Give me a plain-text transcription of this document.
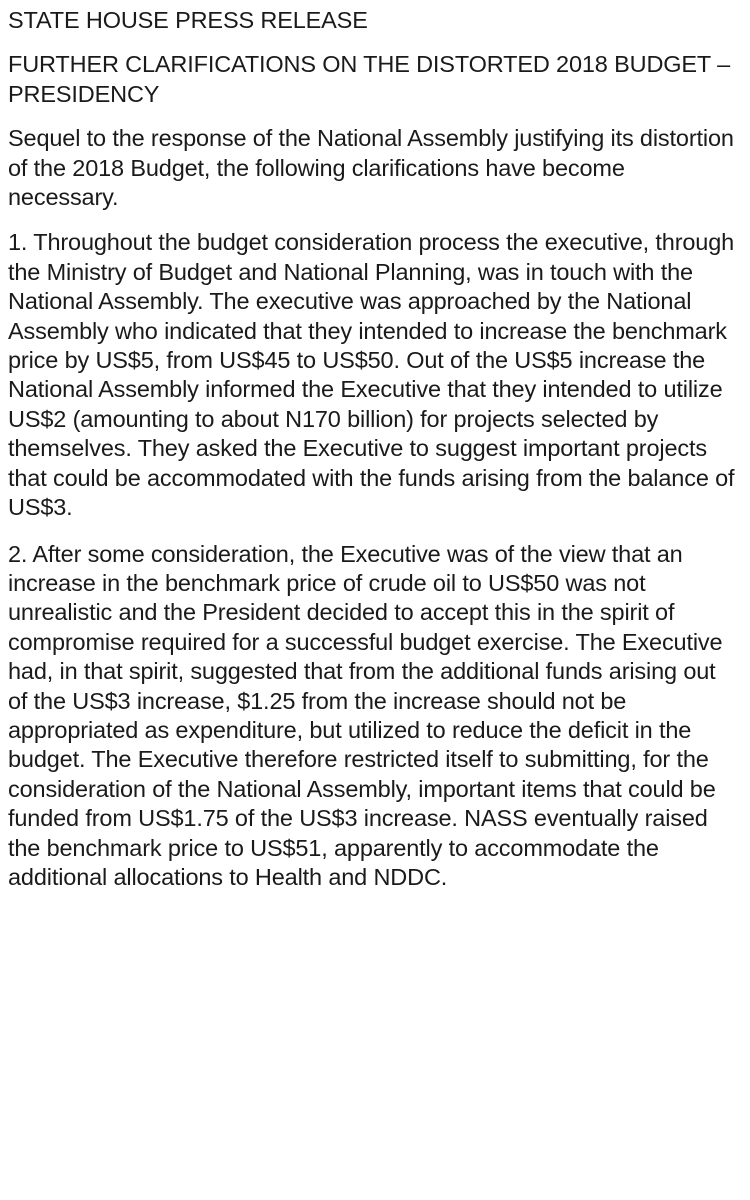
STATE HOUSE PRESS RELEASE

FURTHER CLARIFICATIONS ON THE DISTORTED 2018 BUDGET – PRESIDENCY

Sequel to the response of the National Assembly justifying its distortion of the 2018 Budget, the following clarifications have become necessary.

1. Throughout the budget consideration process the executive, through the Ministry of Budget and National Planning, was in touch with the National Assembly. The executive was approached by the National Assembly who indicated that they intended to increase the benchmark price by US$5, from US$45 to US$50. Out of the US$5 increase the National Assembly informed the Executive that they intended to utilize US$2 (amounting to about N170 billion) for projects selected by themselves. They asked the Executive to suggest important projects that could be accommodated with the funds arising from the balance of US$3.

2. After some consideration, the Executive was of the view that an increase in the benchmark price of crude oil to US$50 was not unrealistic and the President decided to accept this in the spirit of compromise required for a successful budget exercise. The Executive had, in that spirit, suggested that from the additional funds arising out of the US$3 increase, $1.25 from the increase should not be appropriated as expenditure, but utilized to reduce the deficit in the budget. The Executive therefore restricted itself to submitting, for the consideration of the National Assembly, important items that could be funded from US$1.75 of the US$3 increase. NASS eventually raised the benchmark price to US$51, apparently to accommodate the additional allocations to Health and NDDC.
